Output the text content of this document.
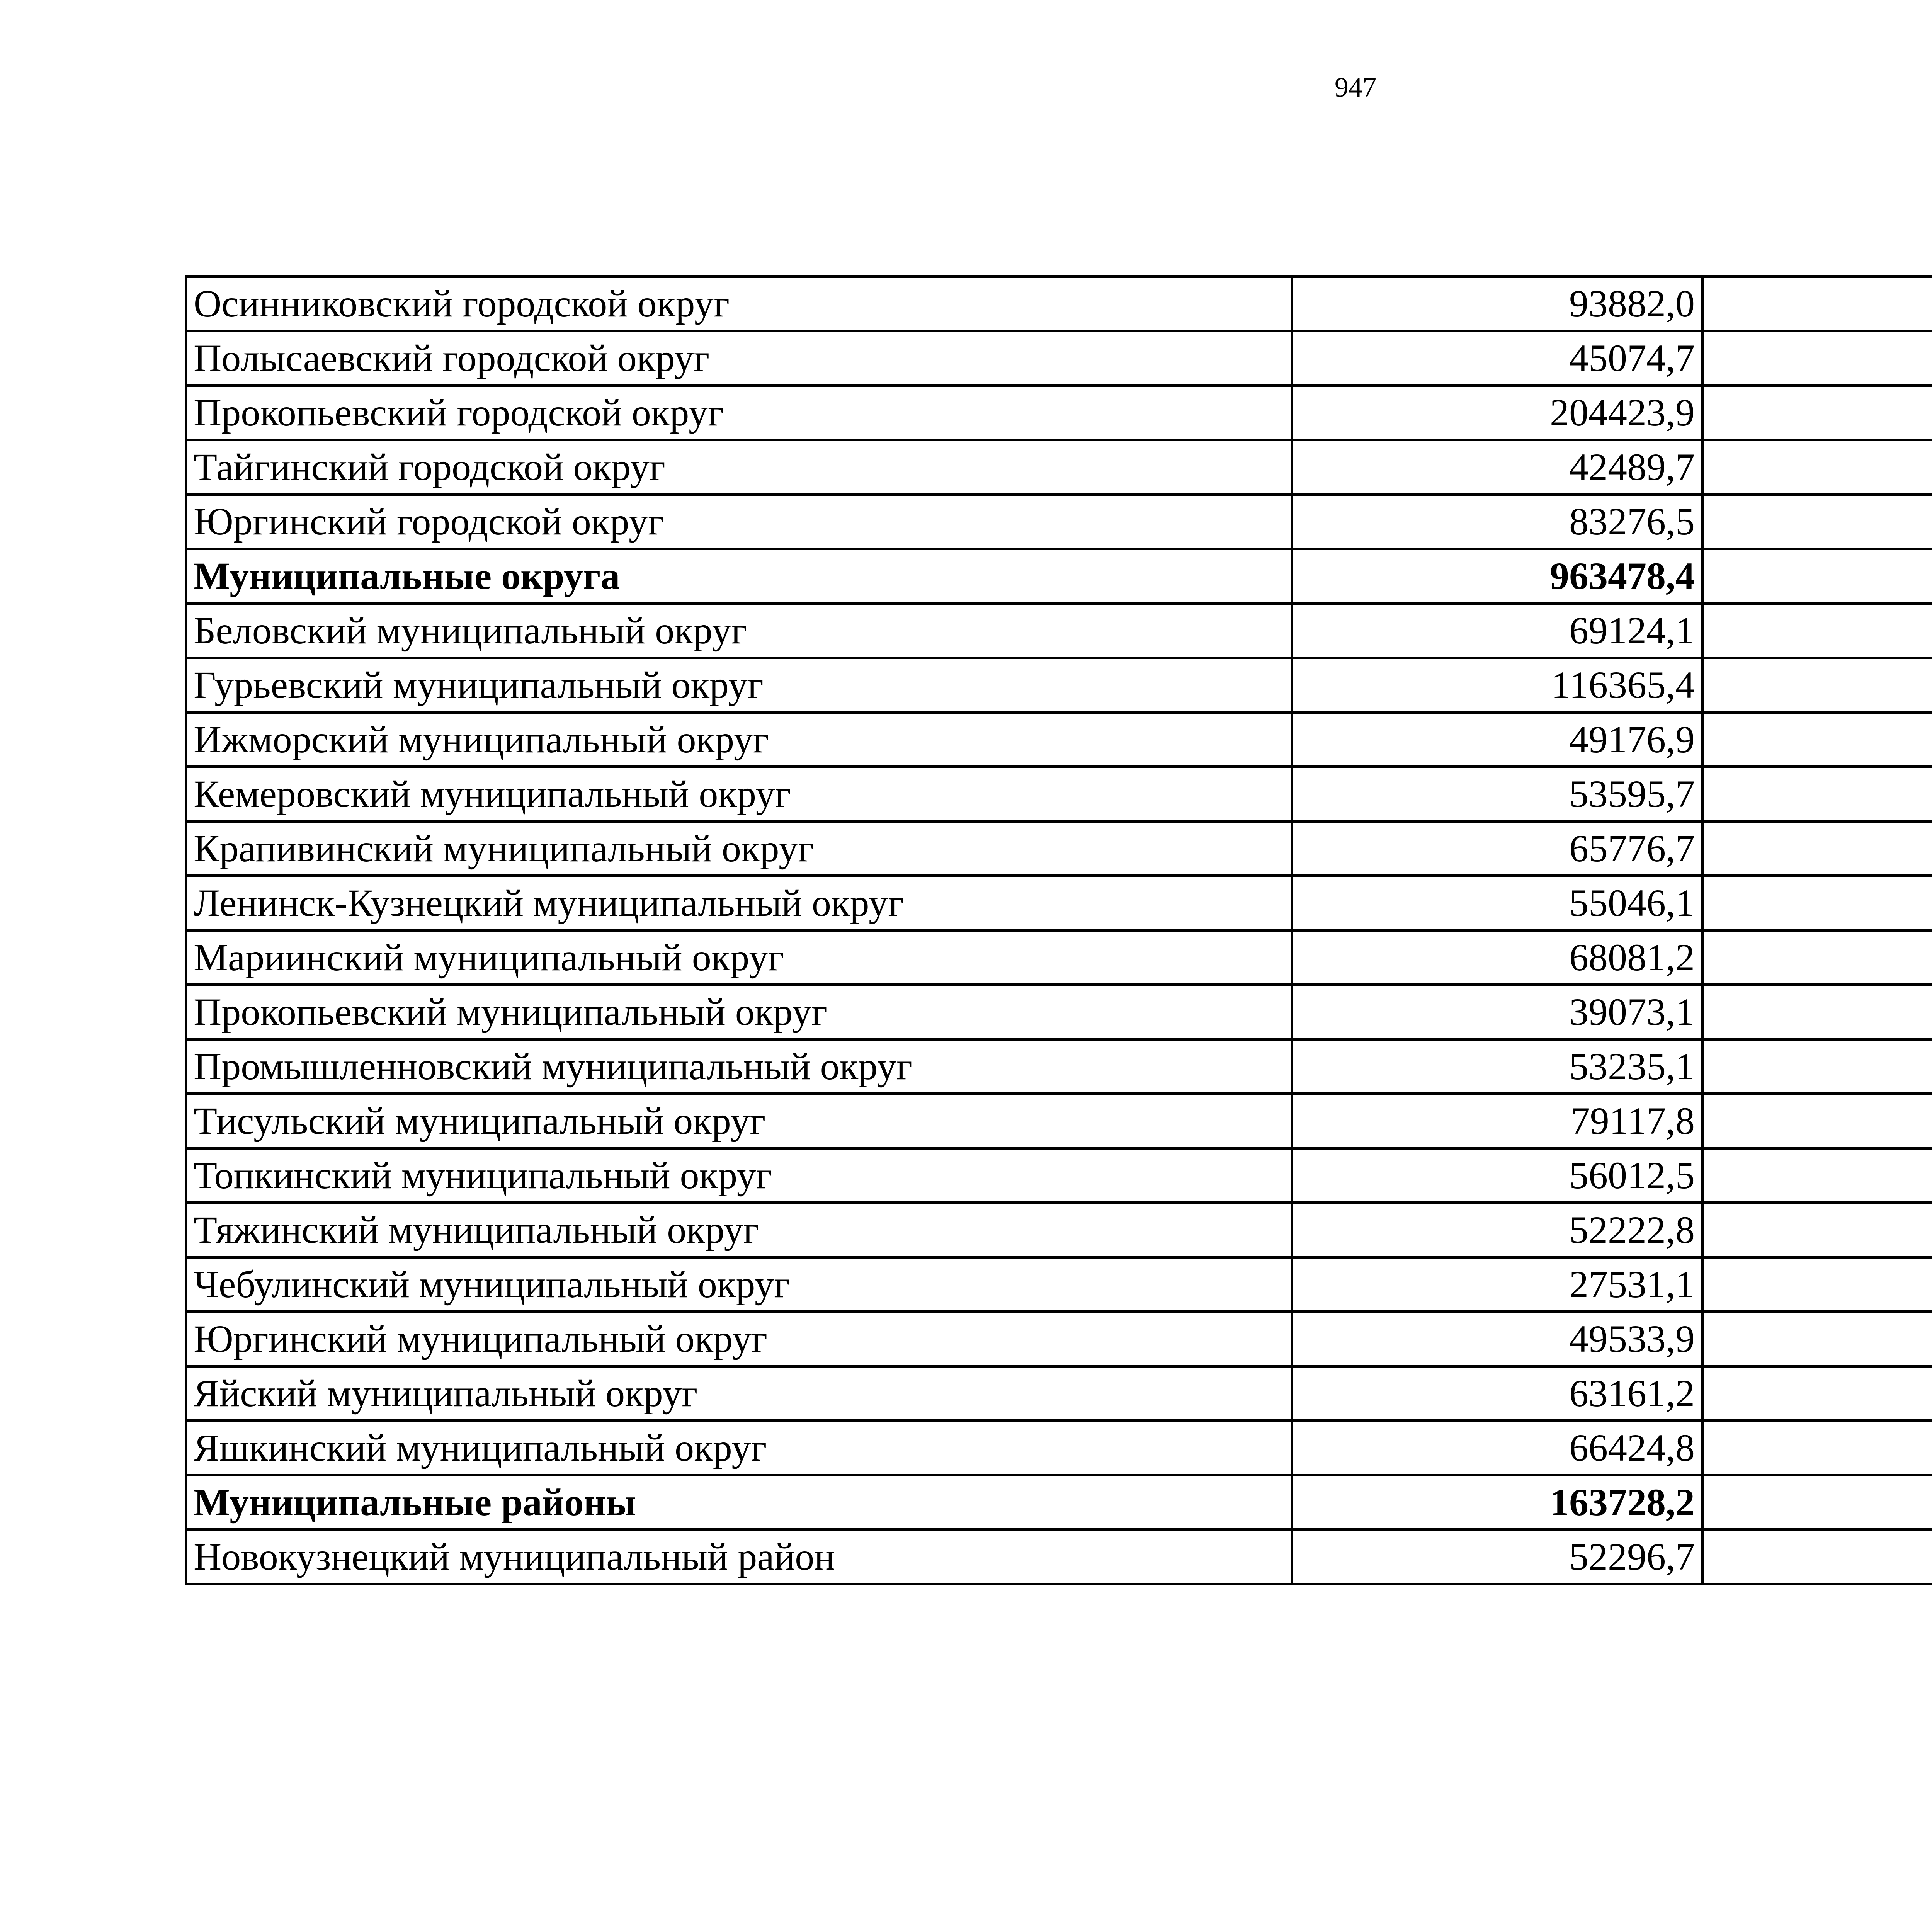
947
Осинниковский городской округ	93882,0		
Полысаевский городской округ	45074,7		
Прокопьевский городской округ	204423,9		
Тайгинский городской округ	42489,7		
Юргинский городской округ	83276,5		
Муниципальные округа	963478,4		
Беловский муниципальный округ	69124,1		
Гурьевский муниципальный округ	116365,4		
Ижморский муниципальный округ	49176,9		
Кемеровский муниципальный округ	53595,7		
Крапивинский муниципальный округ	65776,7		
Ленинск-Кузнецкий муниципальный округ	55046,1		
Мариинский муниципальный округ	68081,2		
Прокопьевский муниципальный округ	39073,1		
Промышленновский муниципальный округ	53235,1		
Тисульский муниципальный округ	79117,8		
Топкинский муниципальный округ	56012,5		
Тяжинский муниципальный округ	52222,8		
Чебулинский муниципальный округ	27531,1		
Юргинский муниципальный округ	49533,9		
Яйский муниципальный округ	63161,2		
Яшкинский муниципальный округ	66424,8		
Муниципальные районы	163728,2		
Новокузнецкий муниципальный район	52296,7		
